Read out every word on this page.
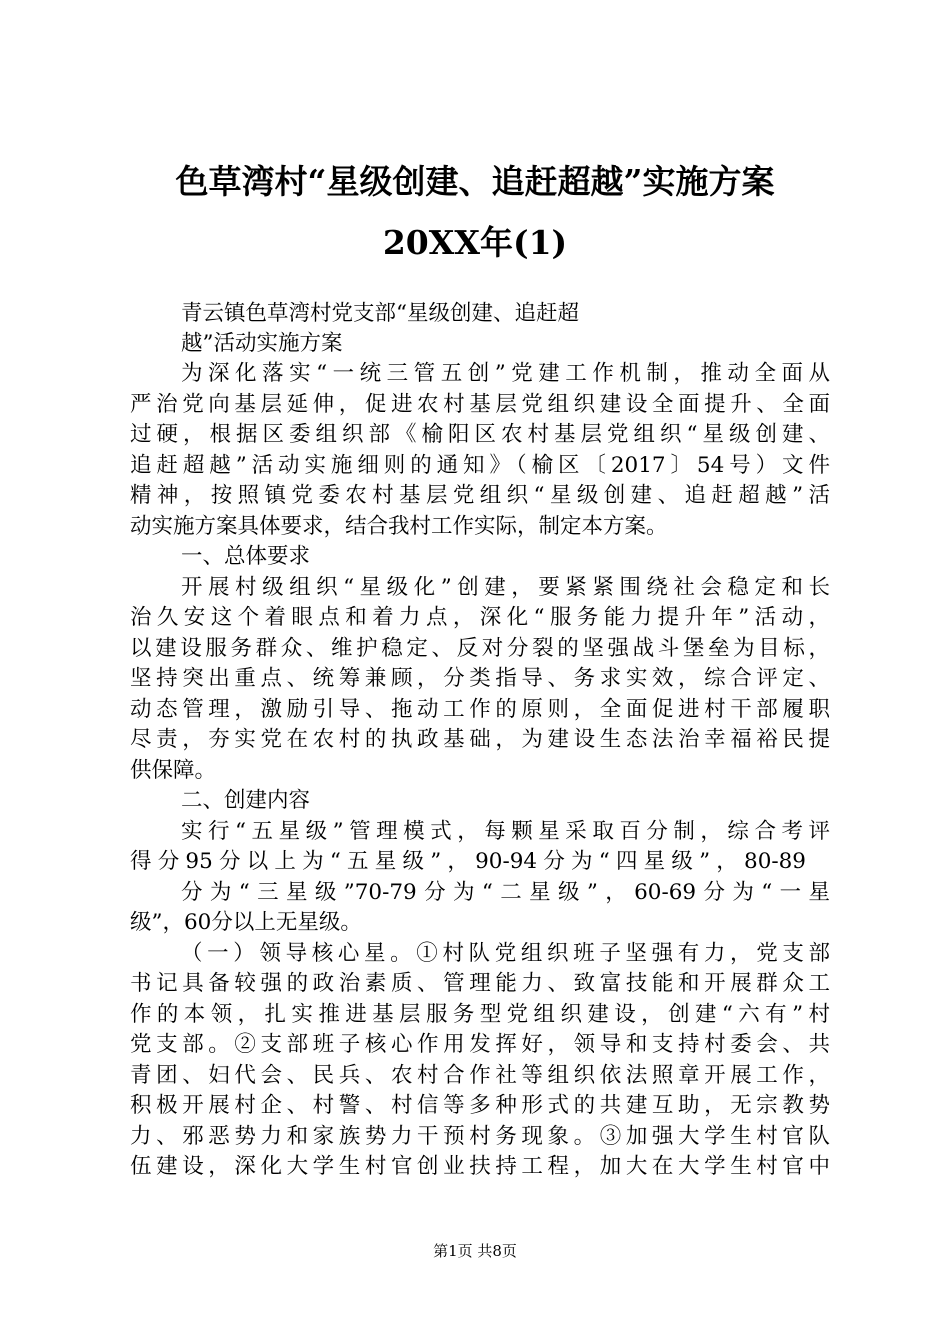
色草湾村“星级创建、追赶超越”实施方案
20XX年(1)
青云镇色草湾村党支部“星级创建、追赶超
越”活动实施方案
为深化落实“一统三管五创”党建工作机制，推动全面从
严治党向基层延伸，促进农村基层党组织建设全面提升、全面
过硬，根据区委组织部《榆阳区农村基层党组织“星级创建、
追赶超越”活动实施细则的通知》（榆区〔2017〕54号）文件
精神，按照镇党委农村基层党组织“星级创建、追赶超越”活
动实施方案具体要求，结合我村工作实际，制定本方案。
一、总体要求
开展村级组织“星级化”创建，要紧紧围绕社会稳定和长
治久安这个着眼点和着力点，深化“服务能力提升年”活动，
以建设服务群众、维护稳定、反对分裂的坚强战斗堡垒为目标，
坚持突出重点、统筹兼顾，分类指导、务求实效，综合评定、
动态管理，激励引导、拖动工作的原则，全面促进村干部履职
尽责，夯实党在农村的执政基础，为建设生态法治幸福裕民提
供保障。
二、创建内容
实行“五星级”管理模式，每颗星采取百分制，综合考评
得分95分以上为“五星级”，90-94分为“四星级”，80-89
分为“三星级”70-79分为“二星级”，60-69分为“一星
级”，60分以上无星级。
（一）领导核心星。①村队党组织班子坚强有力，党支部
书记具备较强的政治素质、管理能力、致富技能和开展群众工
作的本领，扎实推进基层服务型党组织建设，创建“六有”村
党支部。②支部班子核心作用发挥好，领导和支持村委会、共
青团、妇代会、民兵、农村合作社等组织依法照章开展工作，
积极开展村企、村警、村信等多种形式的共建互助，无宗教势
力、邪恶势力和家族势力干预村务现象。③加强大学生村官队
伍建设，深化大学生村官创业扶持工程，加大在大学生村官中
第1页 共8页
